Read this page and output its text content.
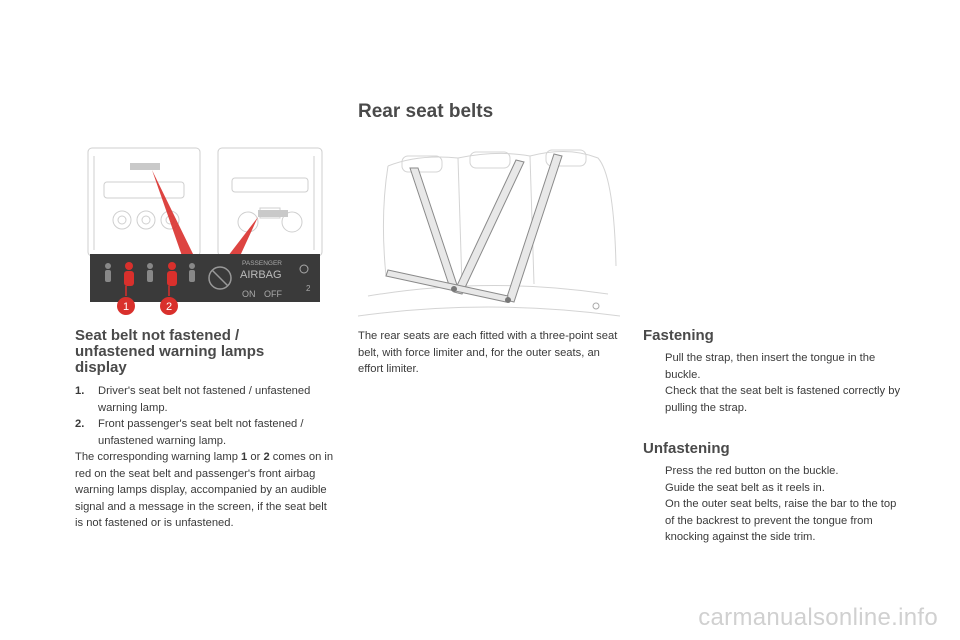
Rear seat belts
PASSENGER
AIRBAG
ON OFF
2
1	2
Seat belt not fastened /
unfastened warning lamps
display
1. Driver's seat belt not fastened / unfastened warning lamp.
2. Front passenger's seat belt not fastened / unfastened warning lamp.
The corresponding warning lamp 1 or 2 comes on in red on the seat belt and passenger's front airbag warning lamps display, accompanied by an audible signal and a message in the screen, if the seat belt is not fastened or is unfastened.
The rear seats are each fitted with a three-point seat belt, with force limiter and, for the outer seats, an effort limiter.
Fastening
Pull the strap, then insert the tongue in the buckle.
Check that the seat belt is fastened correctly by pulling the strap.
Unfastening
Press the red button on the buckle.
Guide the seat belt as it reels in.
On the outer seat belts, raise the bar to the top of the backrest to prevent the tongue from knocking against the side trim.
carmanualsonline.info
